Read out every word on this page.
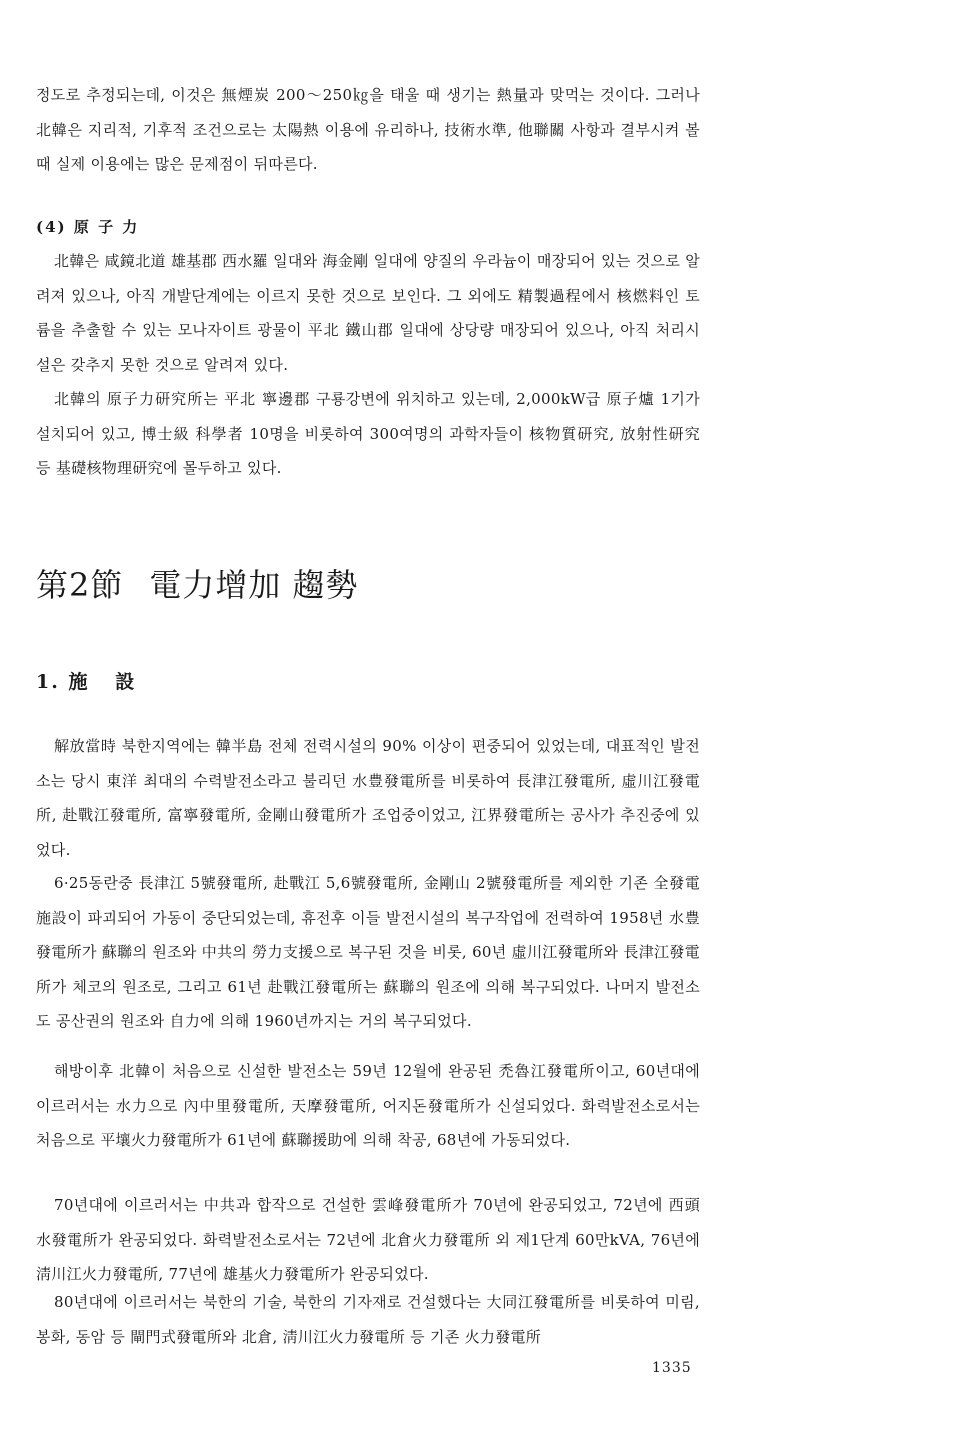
정도로 추정되는데, 이것은 無煙炭 200～250㎏을 태울 때 생기는 熱量과 맞먹는 것이다. 그러나 北韓은 지리적, 기후적 조건으로는 太陽熱 이용에 유리하나, 技術水準, 他聯關 사항과 결부시켜 볼 때 실제 이용에는 많은 문제점이 뒤따른다.

(4) 原 子 力

北韓은 咸鏡北道 雄基郡 西水羅 일대와 海金剛 일대에 양질의 우라늄이 매장되어 있는 것으로 알려져 있으나, 아직 개발단계에는 이르지 못한 것으로 보인다. 그 외에도 精製過程에서 核燃料인 토륨을 추출할 수 있는 모나자이트 광물이 平北 鐵山郡 일대에 상당량 매장되어 있으나, 아직 처리시설은 갖추지 못한 것으로 알려져 있다.

北韓의 原子力研究所는 平北 寧邊郡 구룡강변에 위치하고 있는데, 2,000kW급 原子爐 1기가 설치되어 있고, 博士級 科學者 10명을 비롯하여 300여명의 과학자들이 核物質研究, 放射性研究 등 基礎核物理研究에 몰두하고 있다.

第2節 電力增加 趨勢
1. 施   設

解放當時 북한지역에는 韓半島 전체 전력시설의 90% 이상이 편중되어 있었는데, 대표적인 발전소는 당시 東洋 최대의 수력발전소라고 불리던 水豊發電所를 비롯하여 長津江發電所, 虛川江發電所, 赴戰江發電所, 富寧發電所, 金剛山發電所가 조업중이었고, 江界發電所는 공사가 추진중에 있었다.

6·25동란중 長津江 5號發電所, 赴戰江 5,6號發電所, 金剛山 2號發電所를 제외한 기존 全發電施設이 파괴되어 가동이 중단되었는데, 휴전후 이들 발전시설의 복구작업에 전력하여 1958년 水豊發電所가 蘇聯의 원조와 中共의 勞力支援으로 복구된 것을 비롯, 60년 虛川江發電所와 長津江發電所가 체코의 원조로, 그리고 61년 赴戰江發電所는 蘇聯의 원조에 의해 복구되었다. 나머지 발전소도 공산권의 원조와 自力에 의해 1960년까지는 거의 복구되었다.

해방이후 北韓이 처음으로 신설한 발전소는 59년 12월에 완공된 禿魯江發電所이고, 60년대에 이르러서는 水力으로 內中里發電所, 天摩發電所, 어지돈發電所가 신설되었다. 화력발전소로서는 처음으로 平壤火力發電所가 61년에 蘇聯援助에 의해 착공, 68년에 가동되었다.

70년대에 이르러서는 中共과 합작으로 건설한 雲峰發電所가 70년에 완공되었고, 72년에 西頭水發電所가 완공되었다. 화력발전소로서는 72년에 北倉火力發電所 외 제1단계 60만kVA, 76년에 淸川江火力發電所, 77년에 雄基火力發電所가 완공되었다.

80년대에 이르러서는 북한의 기술, 북한의 기자재로 건설했다는 大同江發電所를 비롯하여 미림, 봉화, 동암 등 閘門式發電所와 北倉, 淸川江火力發電所 등 기존 火力發電所

1335
